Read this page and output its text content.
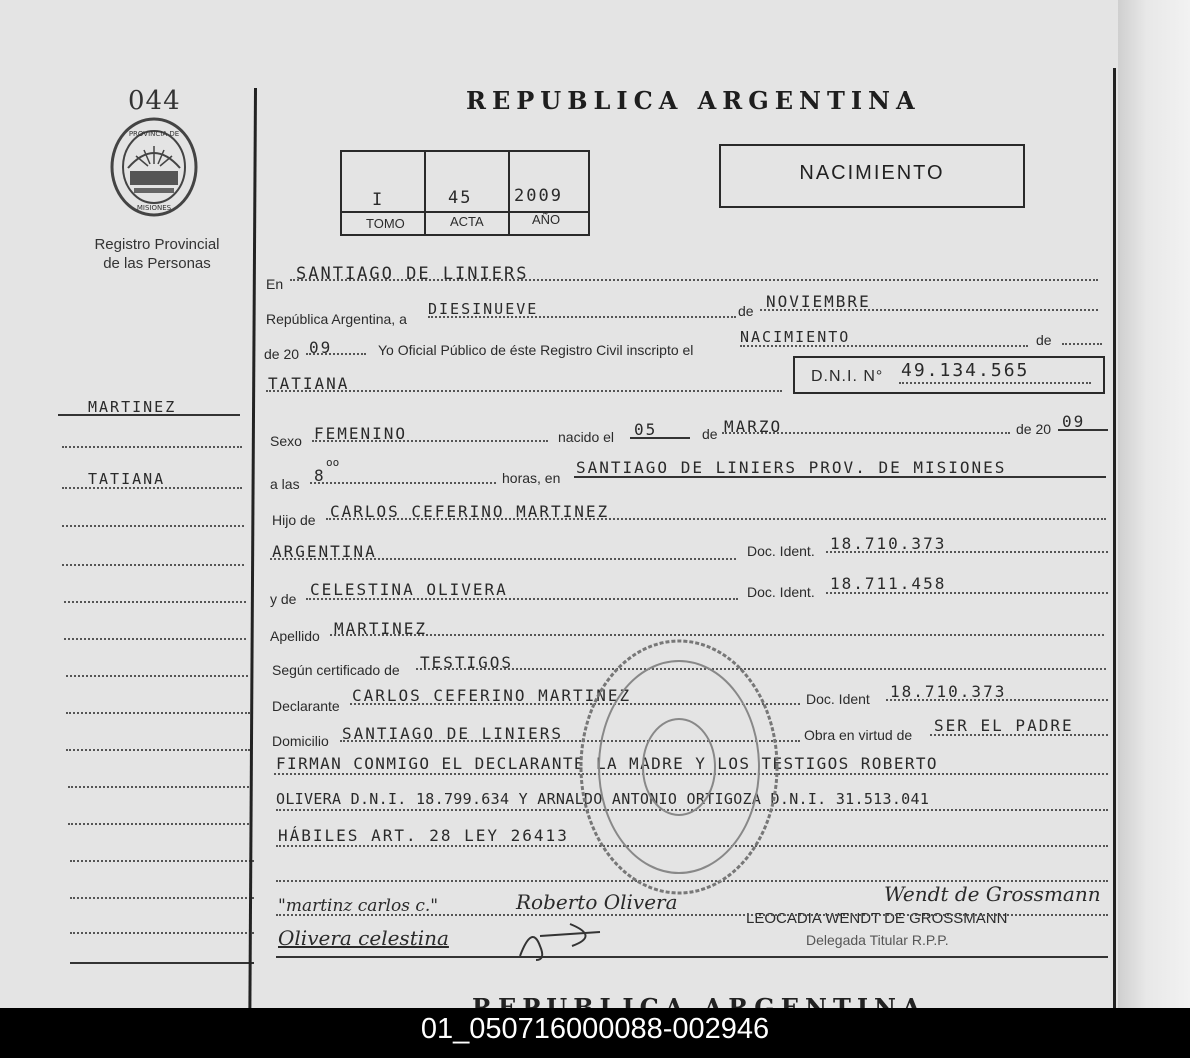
044
PROVINCIA DE
MISIONES
Registro Provincial
de las Personas
MARTINEZ
TATIANA
REPUBLICA ARGENTINA
I	45 2009
TOMO	ACTA	AÑO
NACIMIENTO
En SANTIAGO DE LINIERS
República Argentina, a
DIESINUEVE	de NOVIEMBRE
de 20 09	Yo Oficial Público de éste Registro Civil inscripto el
NACIMIENTO	de
TATIANA	D.N.I. N° 49.134.565
Sexo FEMENINO	nacido el 05	de MARZO	de 20 09
a las 8
oo
horas, en
SANTIAGO DE LINIERS PROV. DE MISIONES
Hijo de CARLOS CEFERINO MARTINEZ
ARGENTINA	Doc. Ident. 18.710.373
y de CELESTINA OLIVERA	Doc. Ident. 18.711.458
Apellido MARTINEZ
Según certificado de TESTIGOS
Declarante
CARLOS CEFERINO MARTINEZ	Doc. Ident 18.710.373
Domicilio SANTIAGO DE LINIERS	Obra en virtud de SER EL PADRE
FIRMAN CONMIGO EL DECLARANTE LA MADRE Y LOS TESTIGOS ROBERTO
OLIVERA D.N.I. 18.799.634 Y ARNALDO ANTONIO ORTIGOZA D.N.I. 31.513.041
HÁBILES ART. 28 LEY 26413
"martinz carlos c."	Roberto Olivera
Olivera celestina
Wendt de Grossmann
LEOCADIA WENDT DE GROSSMANN
Delegada Titular R.P.P.
01_050716000088-002946
